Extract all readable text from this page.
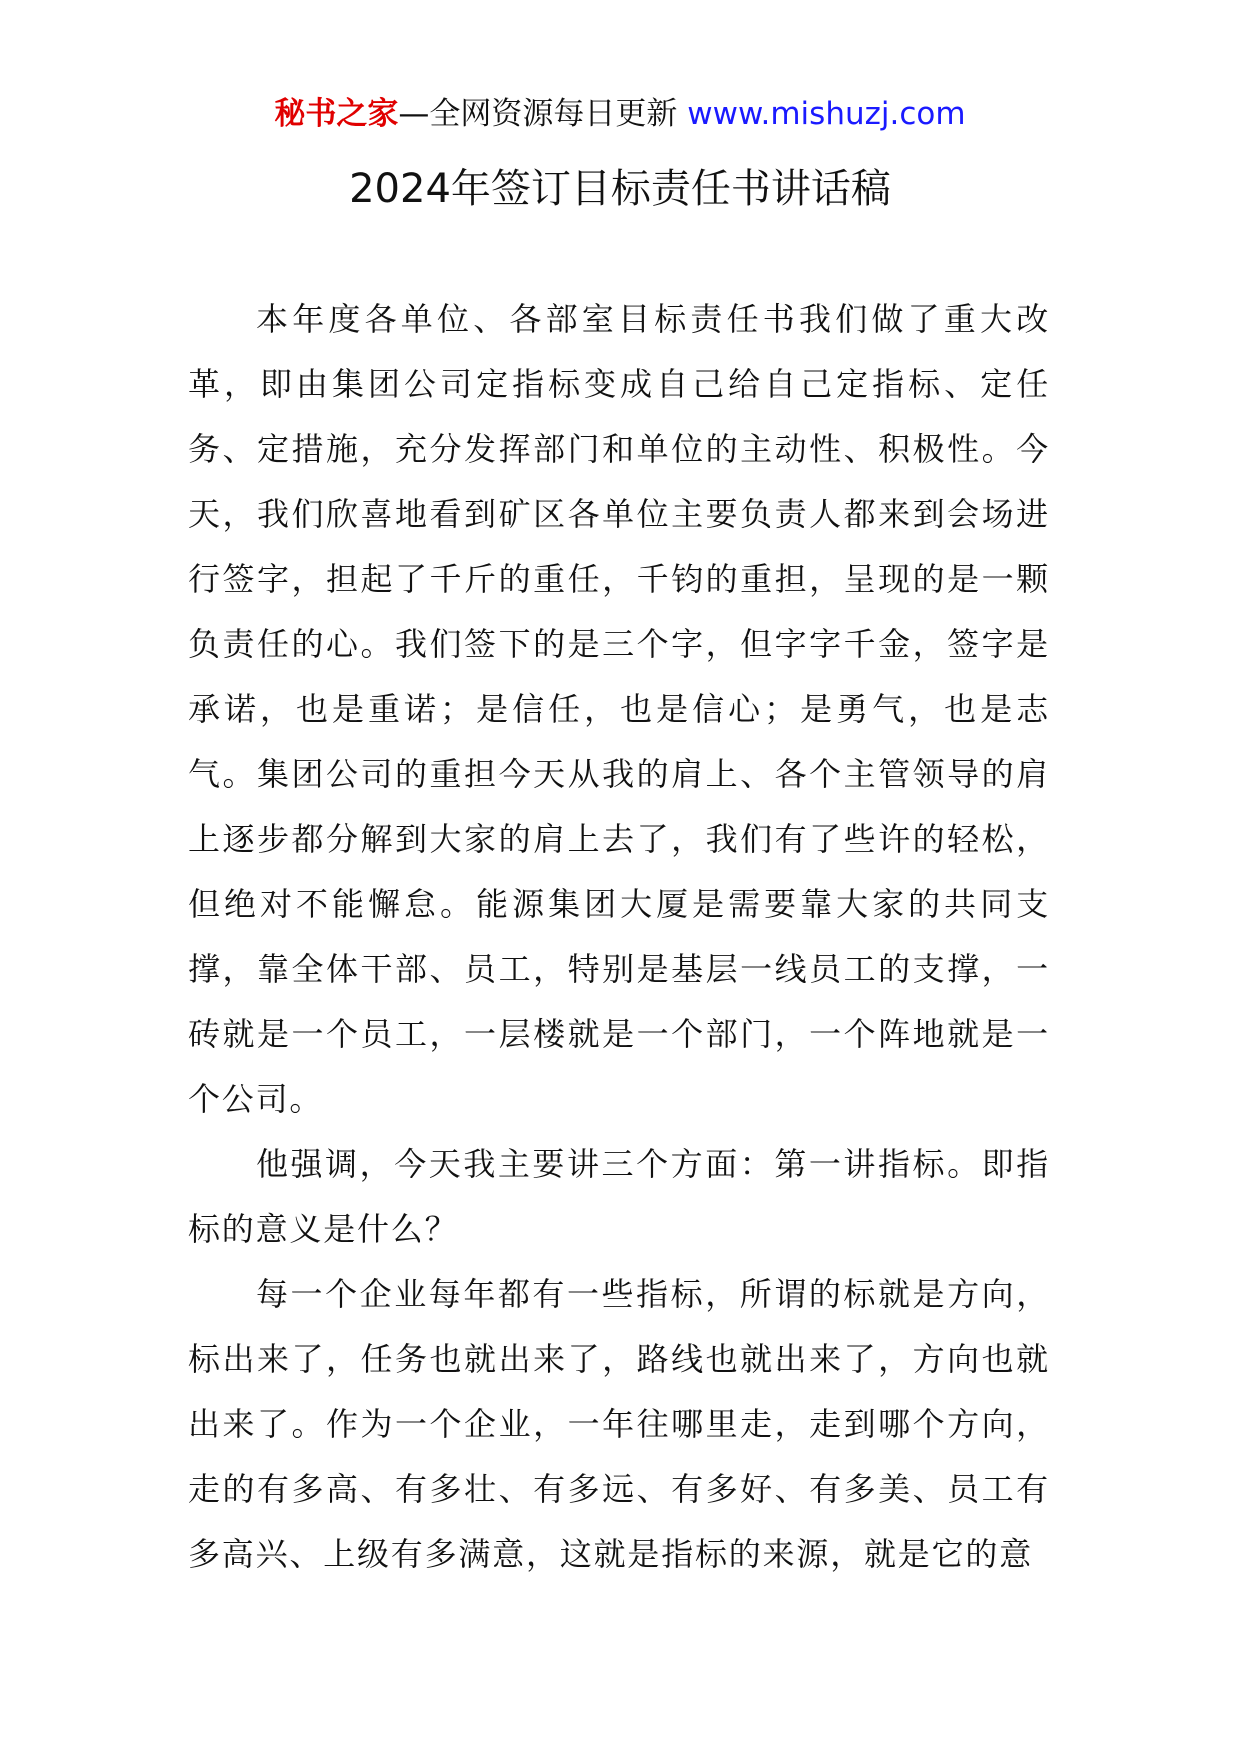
秘书之家—全网资源每日更新 www.mishuzj.com
2024年签订目标责任书讲话稿

本年度各单位、各部室目标责任书我们做了重大改革，即由集团公司定指标变成自己给自己定指标、定任务、定措施，充分发挥部门和单位的主动性、积极性。今天，我们欣喜地看到矿区各单位主要负责人都来到会场进行签字，担起了千斤的重任，千钧的重担，呈现的是一颗负责任的心。我们签下的是三个字，但字字千金，签字是承诺，也是重诺；是信任，也是信心；是勇气，也是志气。集团公司的重担今天从我的肩上、各个主管领导的肩上逐步都分解到大家的肩上去了，我们有了些许的轻松，但绝对不能懈怠。能源集团大厦是需要靠大家的共同支撑，靠全体干部、员工，特别是基层一线员工的支撑，一砖就是一个员工，一层楼就是一个部门，一个阵地就是一个公司。

他强调，今天我主要讲三个方面：第一讲指标。即指标的意义是什么？

每一个企业每年都有一些指标，所谓的标就是方向，标出来了，任务也就出来了，路线也就出来了，方向也就出来了。作为一个企业，一年往哪里走，走到哪个方向，走的有多高、有多壮、有多远、有多好、有多美、员工有多高兴、上级有多满意，这就是指标的来源，就是它的意
